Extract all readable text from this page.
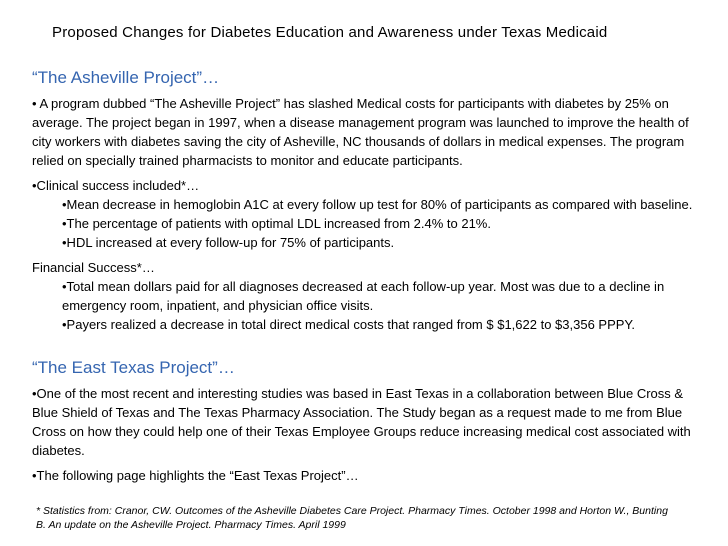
Proposed Changes for Diabetes Education and Awareness under Texas Medicaid
“The Asheville Project”…

• A program dubbed “The Asheville Project” has slashed Medical costs for participants with diabetes by 25% on average. The project began in 1997, when a disease management program was launched to improve the health of city workers with diabetes saving the city of Asheville, NC thousands of dollars in medical expenses. The program relied on specially trained pharmacists to monitor and educate participants.

•Clinical success included*…

•Mean decrease in hemoglobin A1C at every follow up test for 80% of participants as compared with baseline.

•The percentage of patients with optimal LDL increased from 2.4% to 21%.

•HDL increased at every follow-up for 75% of participants.

Financial Success*…

•Total mean dollars paid for all diagnoses decreased at each follow-up year. Most was due to a decline in emergency room, inpatient, and physician office visits.

•Payers realized a decrease in total direct medical costs that ranged from $ $1,622 to $3,356 PPPY.

“The East Texas Project”…

•One of the most recent and interesting studies was based in East Texas in a collaboration between Blue Cross & Blue Shield of Texas and The Texas Pharmacy Association. The Study began as a request made to me from Blue Cross on how they could help one of their Texas Employee Groups reduce increasing medical cost associated with diabetes.

•The following page highlights the “East Texas Project”…

* Statistics from: Cranor, CW. Outcomes of the Asheville Diabetes Care Project. Pharmacy Times. October 1998 and Horton W., Bunting B. An update on the Asheville Project. Pharmacy Times. April 1999
